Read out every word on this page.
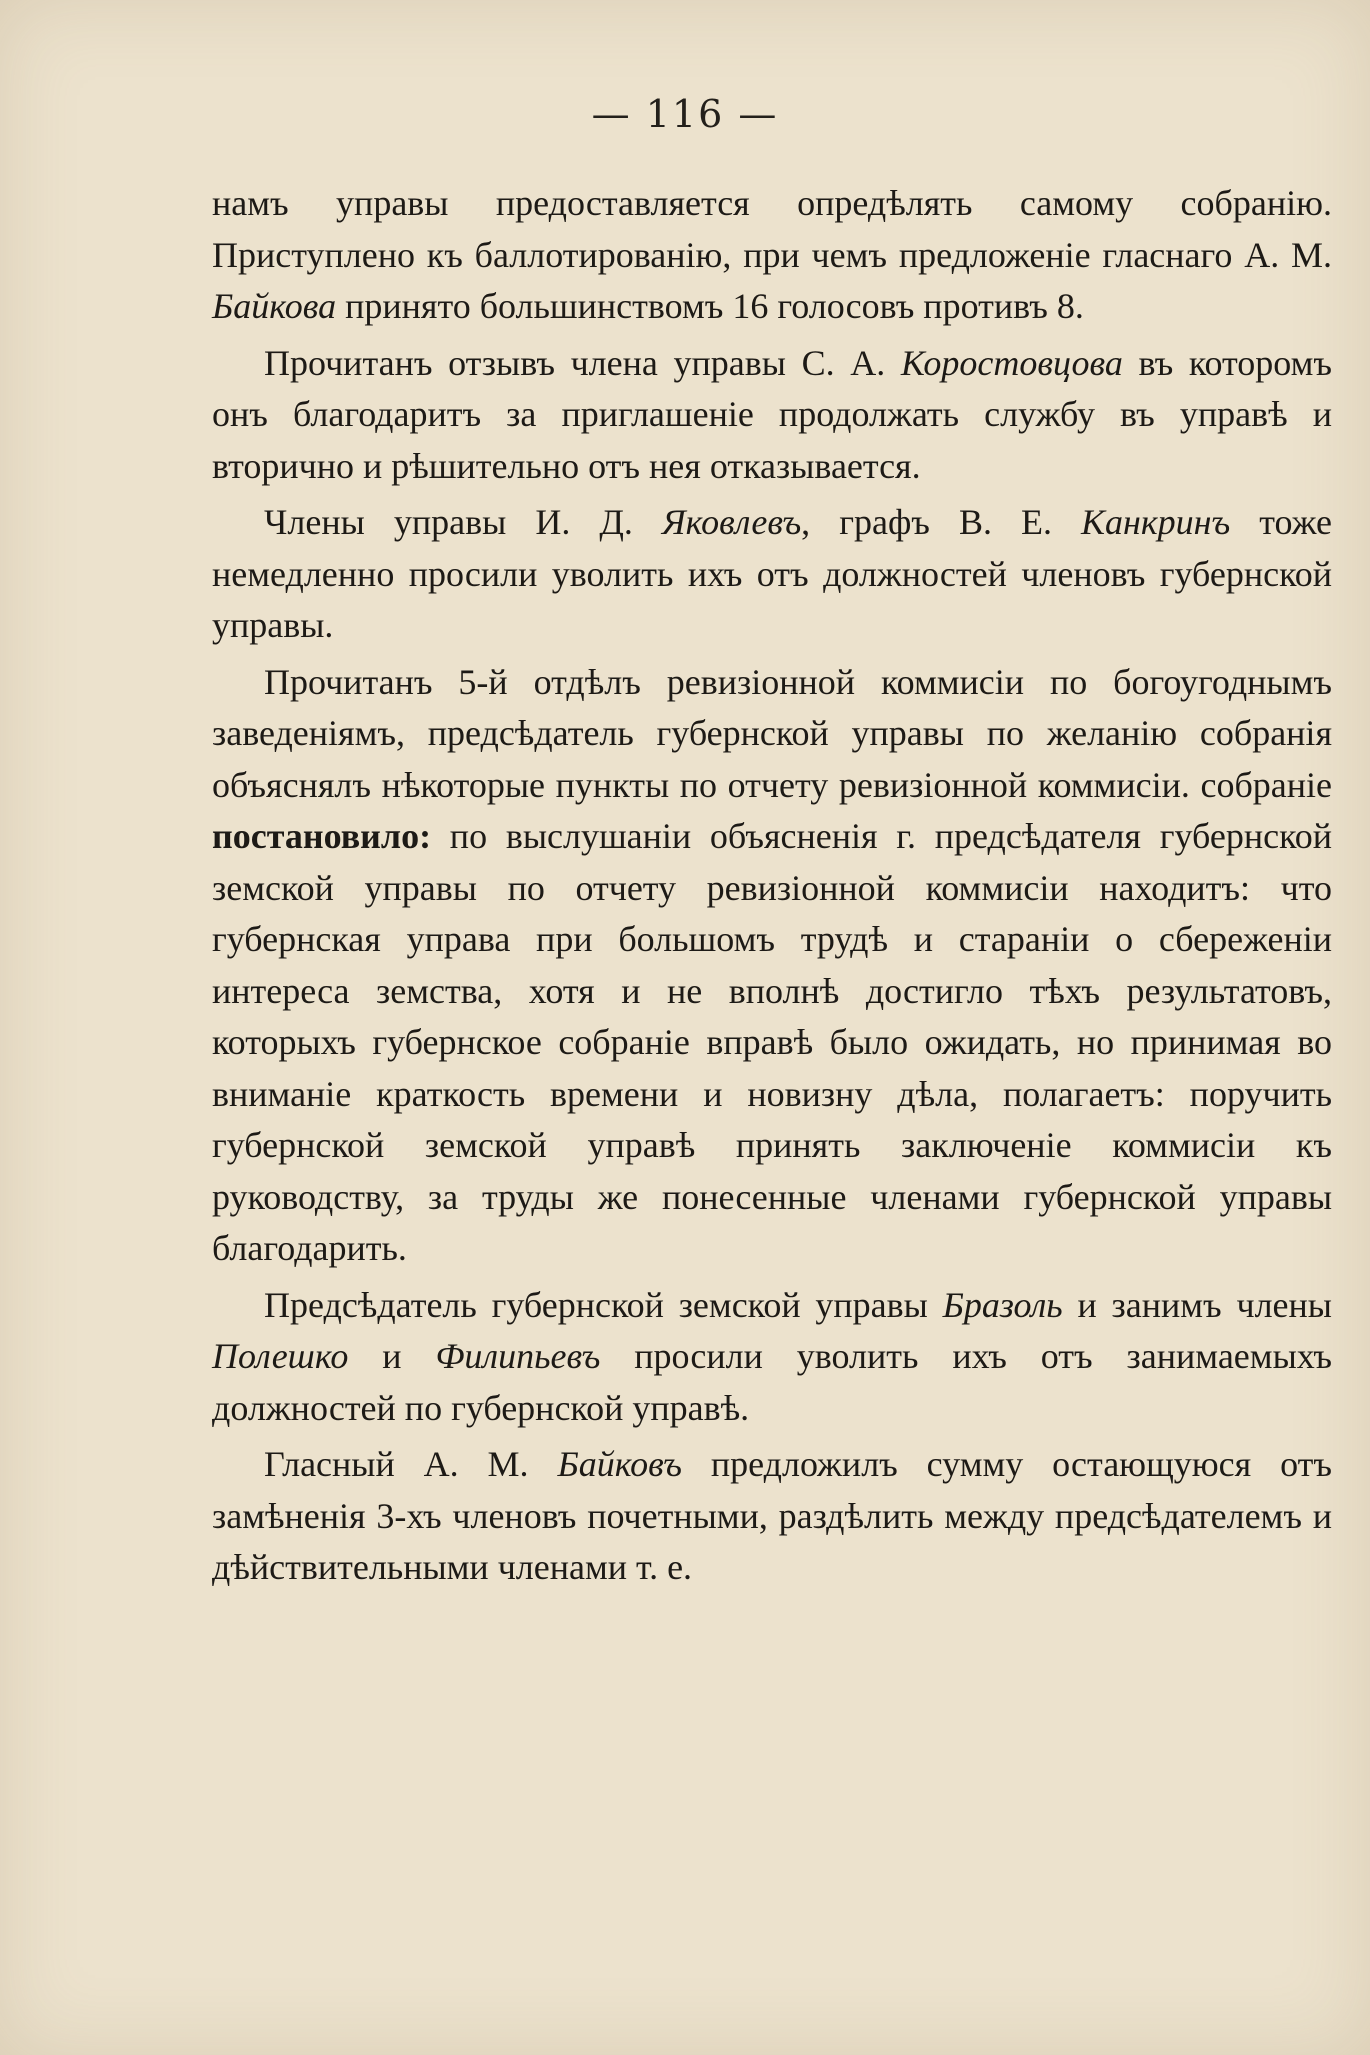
— 116 —

намъ управы предоставляется опредѣлять самому собранію. Приступлено къ баллотированію, при чемъ предложеніе гласнаго А. М. Байкова принято большинствомъ 16 голосовъ противъ 8.

Прочитанъ отзывъ члена управы С. А. Коростовцова въ которомъ онъ благодаритъ за приглашеніе продолжать службу въ управѣ и вторично и рѣшительно отъ нея отказывается.

Члены управы И. Д. Яковлевъ, графъ В. Е. Канкринъ тоже немедленно просили уволить ихъ отъ должностей членовъ губернской управы.

Прочитанъ 5-й отдѣлъ ревизіонной коммисіи по богоугоднымъ заведеніямъ, предсѣдатель губернской управы по желанію собранія объяснялъ нѣкоторые пункты по отчету ревизіонной коммисіи. собраніе постановило: по выслушаніи объясненія г. предсѣдателя губернской земской управы по отчету ревизіонной коммисіи находитъ: что губернская управа при большомъ трудѣ и стараніи о сбереженіи интереса земства, хотя и не вполнѣ достигло тѣхъ результатовъ, которыхъ губернское собраніе вправѣ было ожидать, но принимая во вниманіе краткость времени и новизну дѣла, полагаетъ: поручить губернской земской управѣ принять заключеніе коммисіи къ руководству, за труды же понесенные членами губернской управы благодарить.

Предсѣдатель губернской земской управы Бразоль и занимъ члены Полешко и Филипьевъ просили уволить ихъ отъ занимаемыхъ должностей по губернской управѣ.

Гласный А. М. Байковъ предложилъ сумму остающуюся отъ замѣненія 3-хъ членовъ почетными, раздѣлить между предсѣдателемъ и дѣйствительными членами т. е.
